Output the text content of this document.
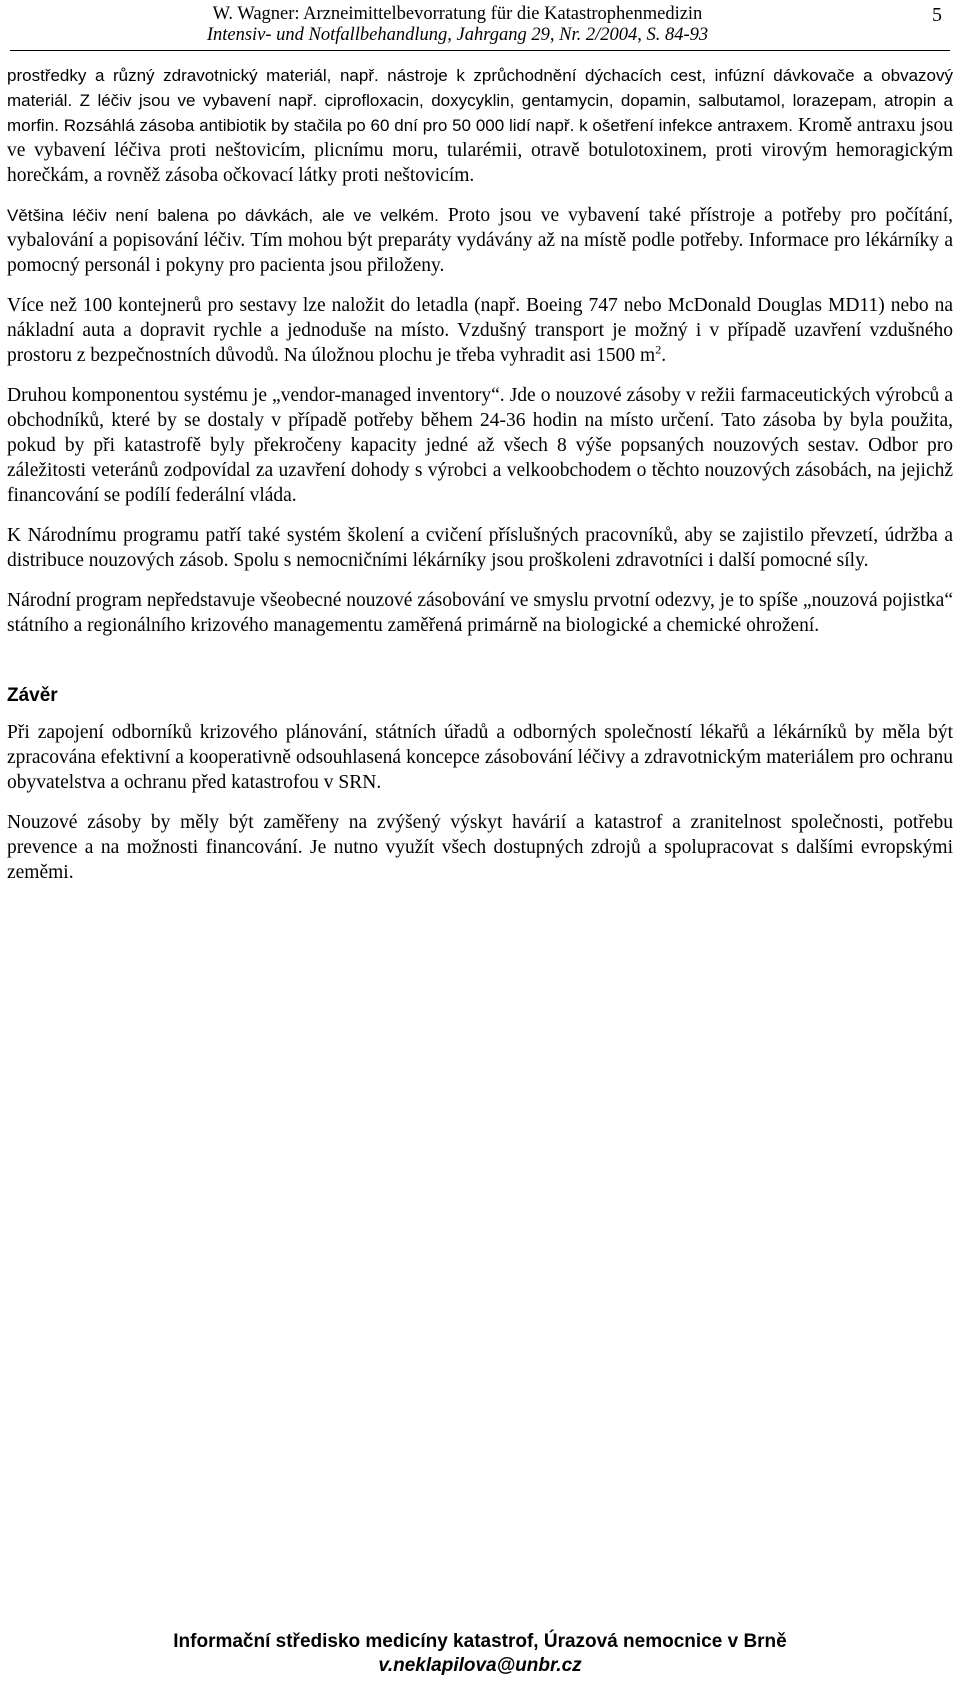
W. Wagner: Arzneimittelbevorratung für die Katastrophenmedizin
Intensiv- und Notfallbehandlung, Jahrgang 29, Nr. 2/2004, S. 84-93
5

prostředky a různý zdravotnický materiál, např. nástroje k zprůchodnění dýchacích cest, infúzní dávkovače a obvazový materiál. Z léčiv jsou ve vybavení např. ciprofloxacin, doxycyklin, gentamycin, dopamin, salbutamol, lorazepam, atropin a morfin. Rozsáhlá zásoba antibiotik by stačila po 60 dní pro 50 000 lidí např. k ošetření infekce antraxem. Kromě antraxu jsou ve vybavení léčiva proti neštovicím, plicnímu moru, tularémii, otravě botulotoxinem, proti virovým hemoragickým horečkám, a rovněž zásoba očkovací látky proti neštovicím.

Většina léčiv není balena po dávkách, ale ve velkém. Proto jsou ve vybavení také přístroje a potřeby pro počítání, vybalování a popisování léčiv. Tím mohou být preparáty vydávány až na místě podle potřeby. Informace pro lékárníky a pomocný personál i pokyny pro pacienta jsou přiloženy.

Více než 100 kontejnerů pro sestavy lze naložit do letadla (např. Boeing 747 nebo McDonald Douglas MD11) nebo na nákladní auta a dopravit rychle a jednoduše na místo. Vzdušný transport je možný i v případě uzavření vzdušného prostoru z bezpečnostních důvodů. Na úložnou plochu je třeba vyhradit asi 1500 $m^2$.

Druhou komponentou systému je „vendor-managed inventory“. Jde o nouzové zásoby v režii farmaceutických výrobců a obchodníků, které by se dostaly v případě potřeby během 24-36 hodin na místo určení. Tato zásoba by byla použita, pokud by při katastrofě byly překročeny kapacity jedné až všech 8 výše popsaných nouzových sestav. Odbor pro záležitosti veteránů zodpovídal za uzavření dohody s výrobci a velkoobchodem o těchto nouzových zásobách, na jejichž financování se podílí federální vláda.

K Národnímu programu patří také systém školení a cvičení příslušných pracovníků, aby se zajistilo převzetí, údržba a distribuce nouzových zásob. Spolu s nemocničními lékárníky jsou proškoleni zdravotníci i další pomocné síly.

Národní program nepředstavuje všeobecné nouzové zásobování ve smyslu prvotní odezvy, je to spíše „nouzová pojistka“ státního a regionálního krizového managementu zaměřená primárně na biologické a chemické ohrožení.

Závěr

Při zapojení odborníků krizového plánování, státních úřadů a odborných společností lékařů a lékárníků by měla být zpracována efektivní a kooperativně odsouhlasená koncepce zásobování léčivy a zdravotnickým materiálem pro ochranu obyvatelstva a ochranu před katastrofou v SRN.

Nouzové zásoby by měly být zaměřeny na zvýšený výskyt havárií a katastrof a zranitelnost společnosti, potřebu prevence a na možnosti financování. Je nutno využít všech dostupných zdrojů a spolupracovat s dalšími evropskými zeměmi.

Informační středisko medicíny katastrof, Úrazová nemocnice v Brně
v.neklapilova@unbr.cz
